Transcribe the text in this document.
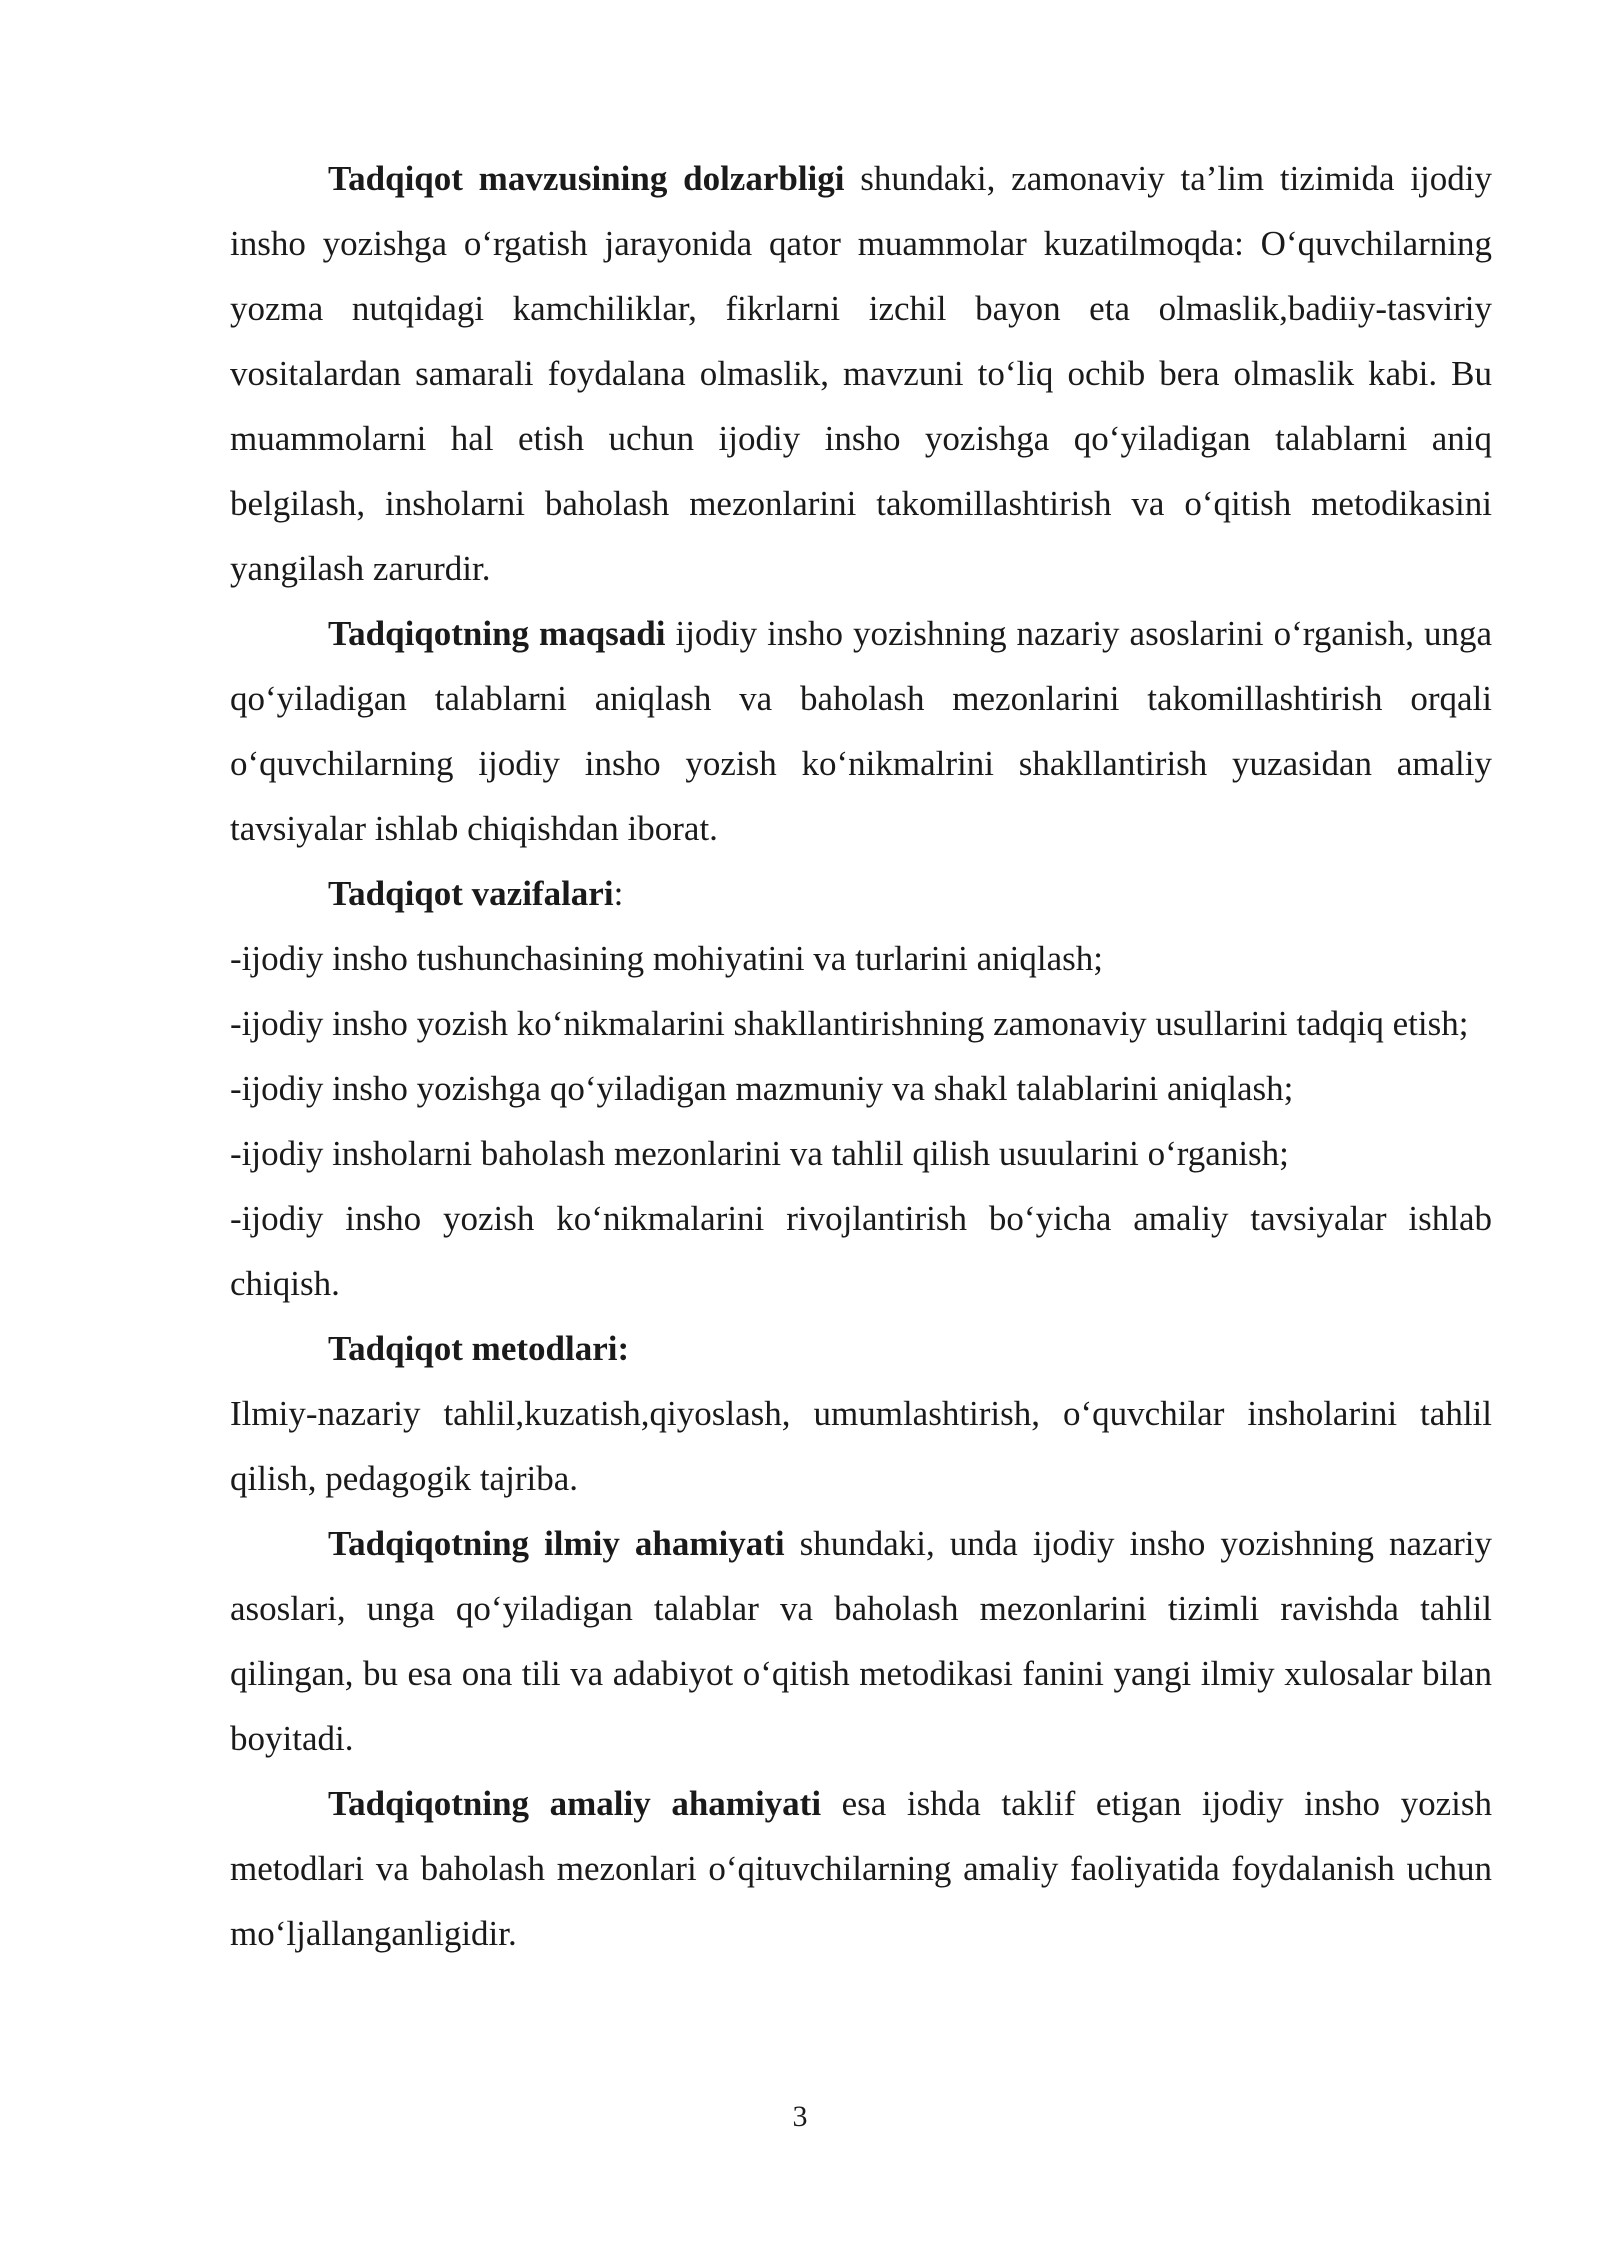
Tadqiqot mavzusining dolzarbligi shundaki, zamonaviy ta’lim tizimida ijodiy insho yozishga o‘rgatish jarayonida qator muammolar kuzatilmoqda: O‘quvchilarning yozma nutqidagi kamchiliklar, fikrlarni izchil bayon eta olmaslik,badiiy-tasviriy vositalardan samarali foydalana olmaslik, mavzuni to‘liq ochib bera olmaslik kabi. Bu muammolarni hal etish uchun ijodiy insho yozishga qo‘yiladigan talablarni aniq belgilash, insholarni baholash mezonlarini takomillashtirish va o‘qitish metodikasini yangilash zarurdir.

Tadqiqotning maqsadi ijodiy insho yozishning nazariy asoslarini o‘rganish, unga qo‘yiladigan talablarni aniqlash va baholash mezonlarini takomillashtirish orqali o‘quvchilarning ijodiy insho yozish ko‘nikmalrini shakllantirish yuzasidan amaliy tavsiyalar ishlab chiqishdan iborat.

Tadqiqot vazifalari:

-ijodiy insho tushunchasining mohiyatini va turlarini aniqlash;

-ijodiy insho yozish ko‘nikmalarini shakllantirishning zamonaviy usullarini tadqiq etish;

-ijodiy insho yozishga qo‘yiladigan mazmuniy va shakl talablarini aniqlash;

-ijodiy insholarni baholash mezonlarini va tahlil qilish usuularini o‘rganish;

-ijodiy insho yozish ko‘nikmalarini rivojlantirish bo‘yicha amaliy tavsiyalar ishlab chiqish.

Tadqiqot metodlari:

Ilmiy-nazariy tahlil,kuzatish,qiyoslash, umumlashtirish, o‘quvchilar insholarini tahlil qilish, pedagogik tajriba.

Tadqiqotning ilmiy ahamiyati shundaki, unda ijodiy insho yozishning nazariy asoslari, unga qo‘yiladigan talablar va baholash mezonlarini tizimli ravishda tahlil qilingan, bu esa ona tili va adabiyot o‘qitish metodikasi fanini yangi ilmiy xulosalar bilan boyitadi.

Tadqiqotning amaliy ahamiyati esa ishda taklif etigan ijodiy insho yozish metodlari va baholash mezonlari o‘qituvchilarning amaliy faoliyatida foydalanish uchun mo‘ljallanganligidir.

3
